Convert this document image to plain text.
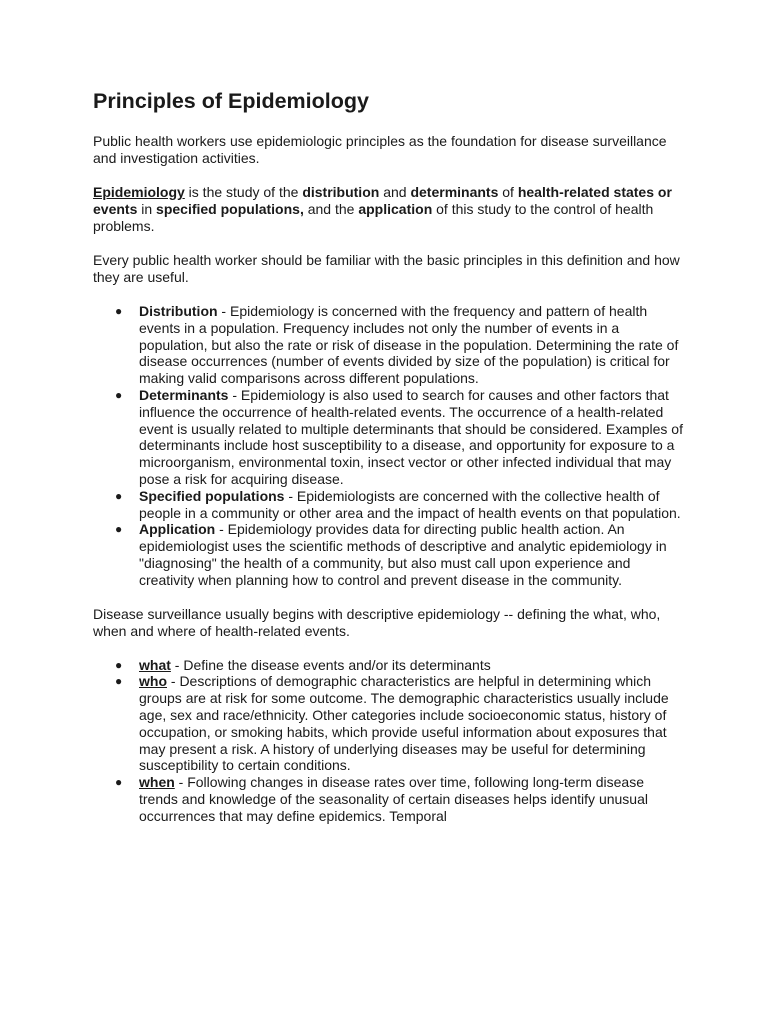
Principles of Epidemiology

Public health workers use epidemiologic principles as the foundation for disease surveillance and investigation activities.

Epidemiology is the study of the distribution and determinants of health-related states or events in specified populations, and the application of this study to the control of health problems.

Every public health worker should be familiar with the basic principles in this definition and how they are useful.

● Distribution - Epidemiology is concerned with the frequency and pattern of health events in a population. Frequency includes not only the number of events in a population, but also the rate or risk of disease in the population. Determining the rate of disease occurrences (number of events divided by size of the population) is critical for making valid comparisons across different populations.
● Determinants - Epidemiology is also used to search for causes and other factors that influence the occurrence of health-related events. The occurrence of a health-related event is usually related to multiple determinants that should be considered. Examples of determinants include host susceptibility to a disease, and opportunity for exposure to a microorganism, environmental toxin, insect vector or other infected individual that may pose a risk for acquiring disease.
● Specified populations - Epidemiologists are concerned with the collective health of people in a community or other area and the impact of health events on that population.
● Application - Epidemiology provides data for directing public health action. An epidemiologist uses the scientific methods of descriptive and analytic epidemiology in "diagnosing" the health of a community, but also must call upon experience and creativity when planning how to control and prevent disease in the community.

Disease surveillance usually begins with descriptive epidemiology -- defining the what, who, when and where of health-related events.

● what - Define the disease events and/or its determinants
● who - Descriptions of demographic characteristics are helpful in determining which groups are at risk for some outcome. The demographic characteristics usually include age, sex and race/ethnicity. Other categories include socioeconomic status, history of occupation, or smoking habits, which provide useful information about exposures that may present a risk. A history of underlying diseases may be useful for determining susceptibility to certain conditions.
● when - Following changes in disease rates over time, following long-term disease trends and knowledge of the seasonality of certain diseases helps identify unusual occurrences that may define epidemics. Temporal
